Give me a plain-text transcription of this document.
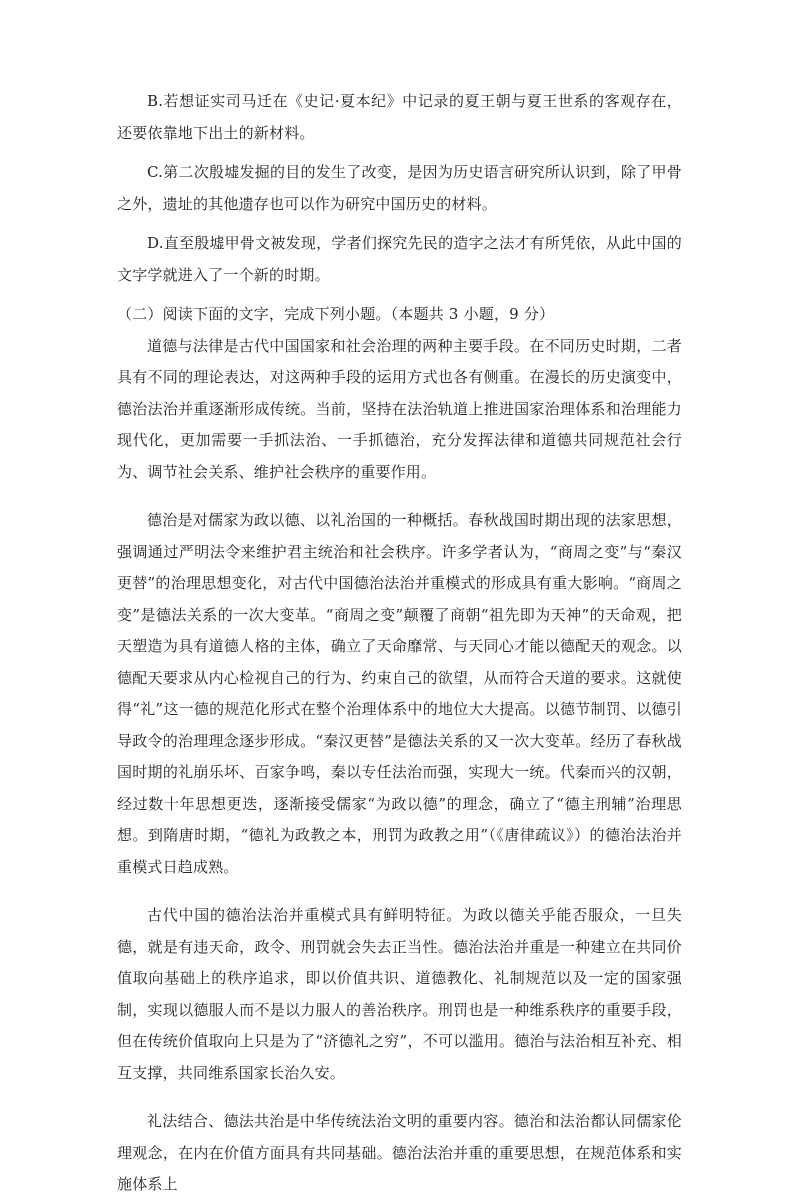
B.若想证实司马迁在《史记·夏本纪》中记录的夏王朝与夏王世系的客观存在，还要依靠地下出土的新材料。

C.第二次殷墟发掘的目的发生了改变，是因为历史语言研究所认识到，除了甲骨之外，遗址的其他遗存也可以作为研究中国历史的材料。

D.直至殷墟甲骨文被发现，学者们探究先民的造字之法才有所凭依，从此中国的文字学就进入了一个新的时期。

（二）阅读下面的文字，完成下列小题。（本题共 3 小题，9 分）

道德与法律是古代中国国家和社会治理的两种主要手段。在不同历史时期，二者具有不同的理论表达，对这两种手段的运用方式也各有侧重。在漫长的历史演变中，德治法治并重逐渐形成传统。当前，坚持在法治轨道上推进国家治理体系和治理能力现代化，更加需要一手抓法治、一手抓德治，充分发挥法律和道德共同规范社会行为、调节社会关系、维护社会秩序的重要作用。

德治是对儒家为政以德、以礼治国的一种概括。春秋战国时期出现的法家思想，强调通过严明法令来维护君主统治和社会秩序。许多学者认为，“商周之变”与“秦汉更替”的治理思想变化，对古代中国德治法治并重模式的形成具有重大影响。“商周之变”是德法关系的一次大变革。“商周之变”颠覆了商朝“祖先即为天神”的天命观，把天塑造为具有道德人格的主体，确立了天命靡常、与天同心才能以德配天的观念。以德配天要求从内心检视自己的行为、约束自己的欲望，从而符合天道的要求。这就使得“礼”这一德的规范化形式在整个治理体系中的地位大大提高。以德节制罚、以德引导政令的治理理念逐步形成。“秦汉更替”是德法关系的又一次大变革。经历了春秋战国时期的礼崩乐坏、百家争鸣，秦以专任法治而强，实现大一统。代秦而兴的汉朝，经过数十年思想更迭，逐渐接受儒家“为政以德”的理念，确立了“德主刑辅”治理思想。到隋唐时期，“德礼为政教之本，刑罚为政教之用”（《唐律疏议》）的德治法治并重模式日趋成熟。

古代中国的德治法治并重模式具有鲜明特征。为政以德关乎能否服众，一旦失德，就是有违天命，政令、刑罚就会失去正当性。德治法治并重是一种建立在共同价值取向基础上的秩序追求，即以价值共识、道德教化、礼制规范以及一定的国家强制，实现以德服人而不是以力服人的善治秩序。刑罚也是一种维系秩序的重要手段，但在传统价值取向上只是为了“济德礼之穷”，不可以滥用。德治与法治相互补充、相互支撑，共同维系国家长治久安。

礼法结合、德法共治是中华传统法治文明的重要内容。德治和法治都认同儒家伦理观念，在内在价值方面具有共同基础。德治法治并重的重要思想，在规范体系和实施体系上
